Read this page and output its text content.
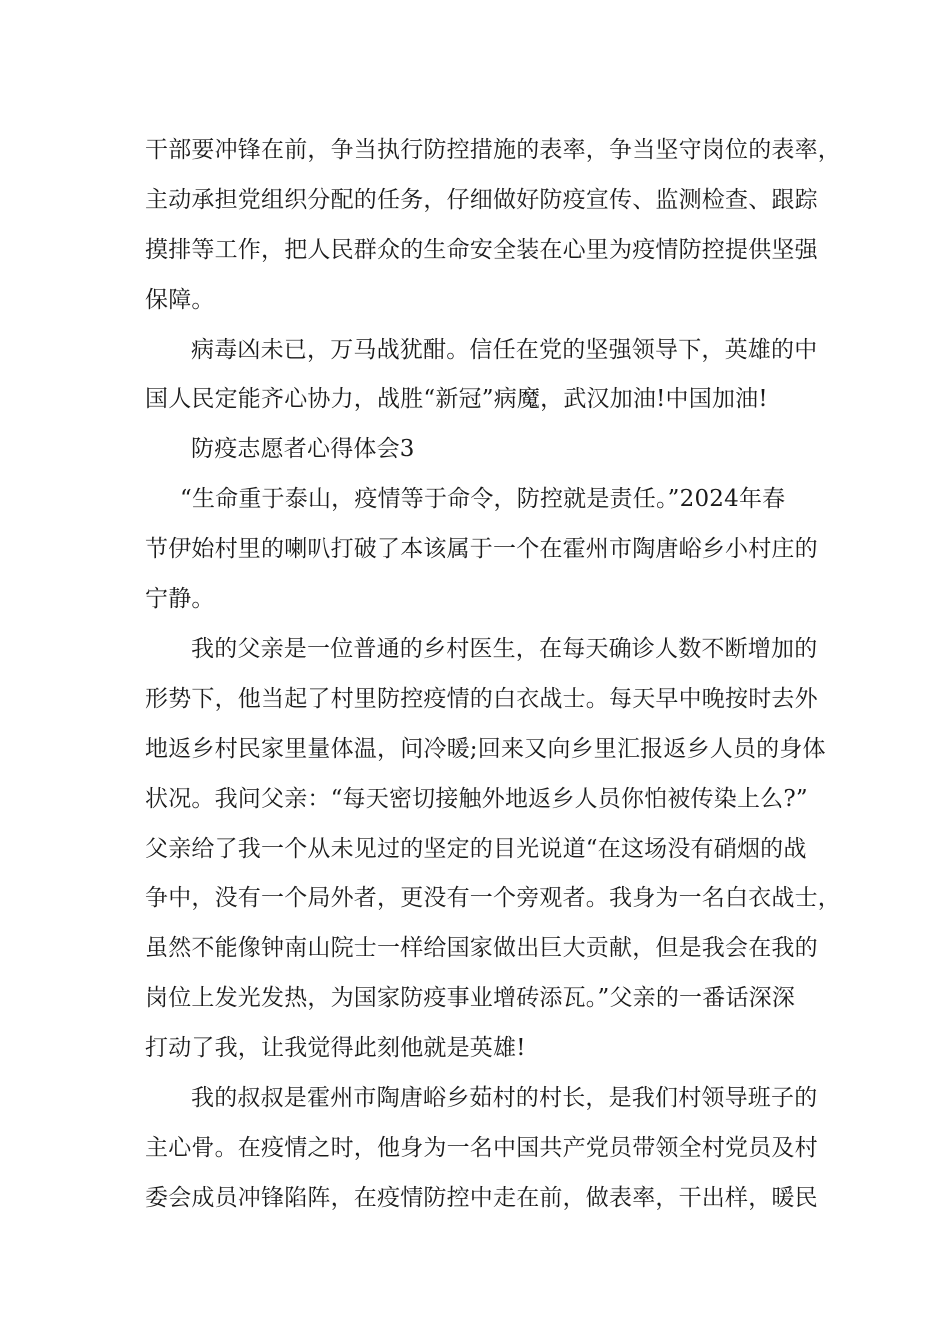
干部要冲锋在前，争当执行防控措施的表率，争当坚守岗位的表率，

主动承担党组织分配的任务，仔细做好防疫宣传、监测检查、跟踪

摸排等工作，把人民群众的生命安全装在心里为疫情防控提供坚强

保障。

病毒凶未已，万马战犹酣。信任在党的坚强领导下，英雄的中

国人民定能齐心协力，战胜“新冠”病魔，武汉加油!中国加油!

防疫志愿者心得体会3

“生命重于泰山，疫情等于命令，防控就是责任。”2024年春

节伊始村里的喇叭打破了本该属于一个在霍州市陶唐峪乡小村庄的

宁静。

我的父亲是一位普通的乡村医生，在每天确诊人数不断增加的

形势下，他当起了村里防控疫情的白衣战士。每天早中晚按时去外

地返乡村民家里量体温，问冷暖;回来又向乡里汇报返乡人员的身体

状况。我问父亲：“每天密切接触外地返乡人员你怕被传染上么?”

父亲给了我一个从未见过的坚定的目光说道“在这场没有硝烟的战

争中，没有一个局外者，更没有一个旁观者。我身为一名白衣战士，

虽然不能像钟南山院士一样给国家做出巨大贡献，但是我会在我的

岗位上发光发热，为国家防疫事业增砖添瓦。”父亲的一番话深深

打动了我，让我觉得此刻他就是英雄!

我的叔叔是霍州市陶唐峪乡茹村的村长，是我们村领导班子的

主心骨。在疫情之时，他身为一名中国共产党员带领全村党员及村

委会成员冲锋陷阵，在疫情防控中走在前，做表率，干出样，暖民
